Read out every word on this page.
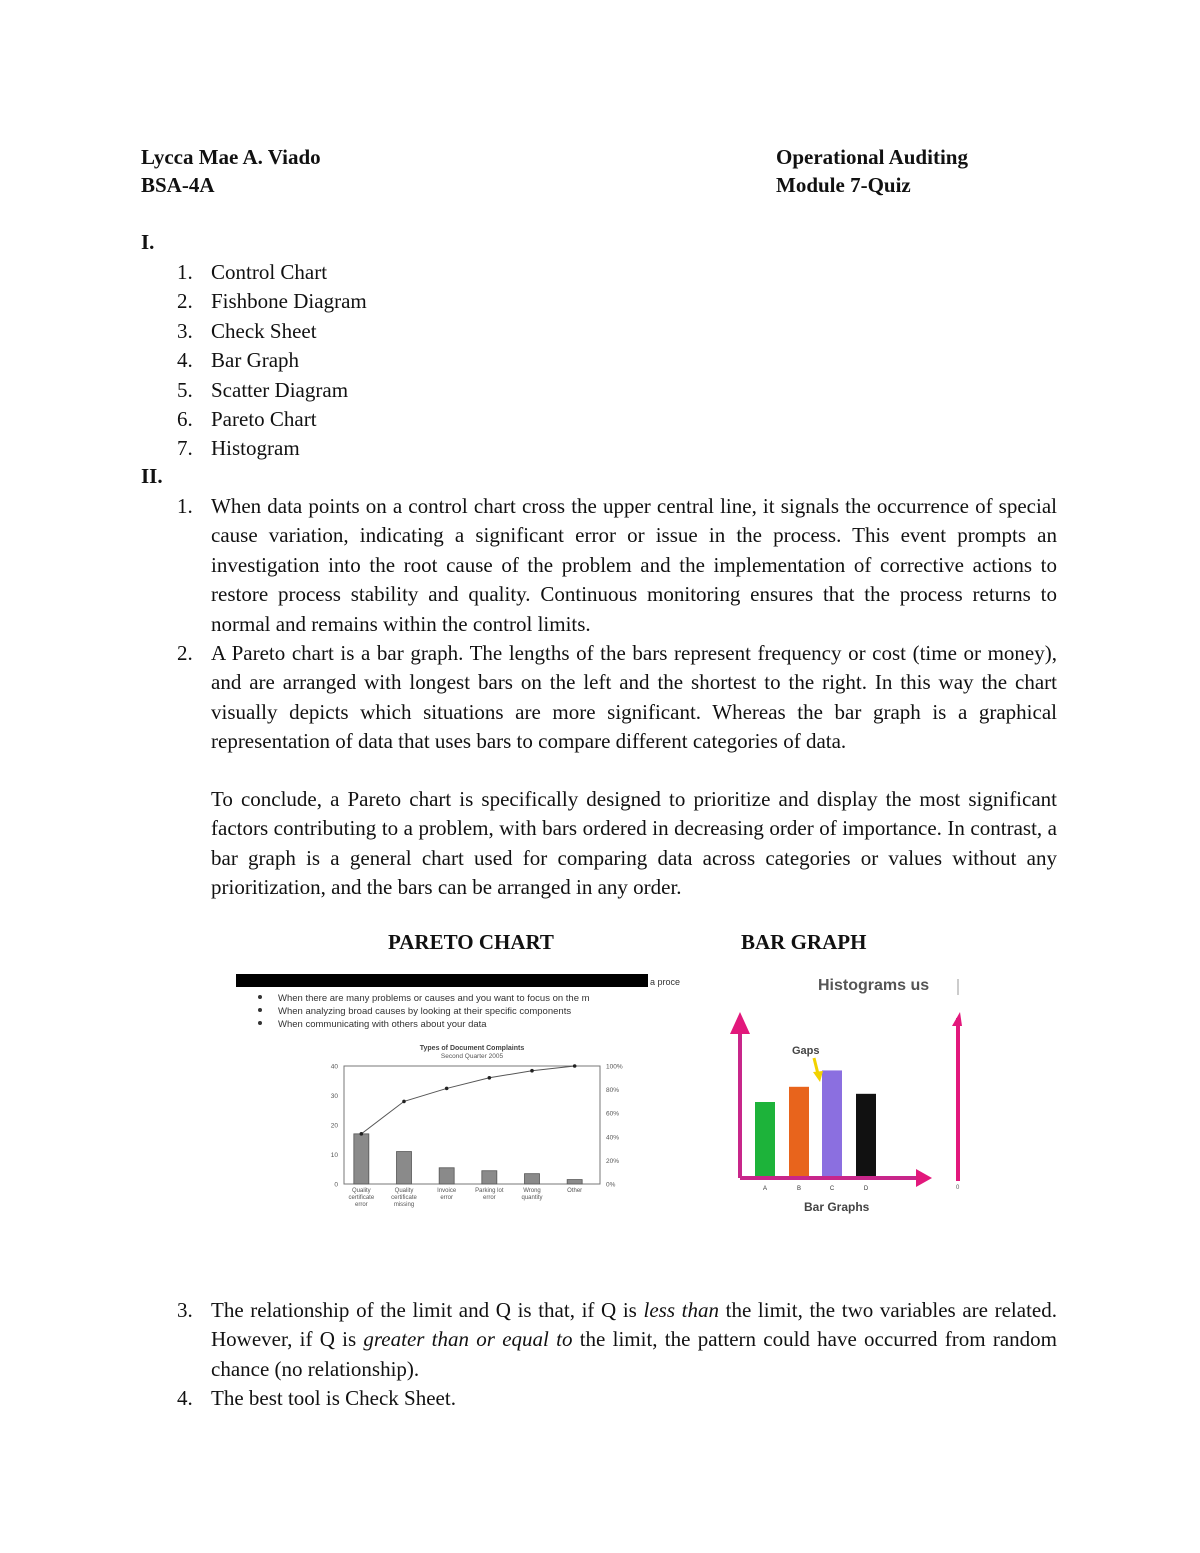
Lycca Mae A. Viado
BSA-4A
Operational Auditing
Module 7-Quiz
I.
1. Control Chart
2. Fishbone Diagram
3. Check Sheet
4. Bar Graph
5. Scatter Diagram
6. Pareto Chart
7. Histogram
II.
1. When data points on a control chart cross the upper central line, it signals the occurrence of special cause variation, indicating a significant error or issue in the process. This event prompts an investigation into the root cause of the problem and the implementation of corrective actions to restore process stability and quality. Continuous monitoring ensures that the process returns to normal and remains within the control limits.
2. A Pareto chart is a bar graph. The lengths of the bars represent frequency or cost (time or money), and are arranged with longest bars on the left and the shortest to the right. In this way the chart visually depicts which situations are more significant. Whereas the bar graph is a graphical representation of data that uses bars to compare different categories of data.
To conclude, a Pareto chart is specifically designed to prioritize and display the most significant factors contributing to a problem, with bars ordered in decreasing order of importance. In contrast, a bar graph is a general chart used for comparing data across categories or values without any prioritization, and the bars can be arranged in any order.
PARETO CHART	BAR GRAPH
a proce
When there are many problems or causes and you want to focus on the m
When analyzing broad causes by looking at their specific components
When communicating with others about your data
Types of Document Complaints
Second Quarter 2005
0
10
20
30
40
0%
20%
40%
60%
80%
100%
Quality
certificate
error
Quality
certificate
missing
Invoice
error
Parking lot
error
Wrong
quantity
Other
Histograms us
0
A	B	C	D
Gaps
Bar Graphs
3. The relationship of the limit and Q is that, if Q is less than the limit, the two variables are related. However, if Q is greater than or equal to the limit, the pattern could have occurred from random chance (no relationship).
4. The best tool is Check Sheet.
